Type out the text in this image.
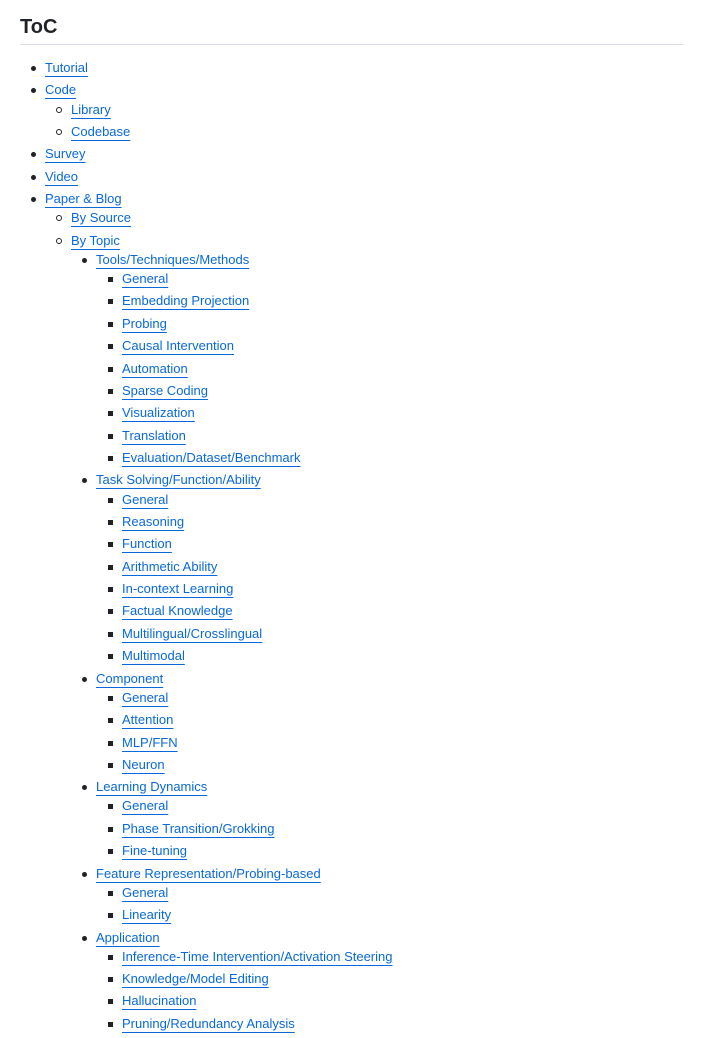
ToC
Tutorial
Code
Library
Codebase
Survey
Video
Paper & Blog
By Source
By Topic
Tools/Techniques/Methods
General
Embedding Projection
Probing
Causal Intervention
Automation
Sparse Coding
Visualization
Translation
Evaluation/Dataset/Benchmark
Task Solving/Function/Ability
General
Reasoning
Function
Arithmetic Ability
In-context Learning
Factual Knowledge
Multilingual/Crosslingual
Multimodal
Component
General
Attention
MLP/FFN
Neuron
Learning Dynamics
General
Phase Transition/Grokking
Fine-tuning
Feature Representation/Probing-based
General
Linearity
Application
Inference-Time Intervention/Activation Steering
Knowledge/Model Editing
Hallucination
Pruning/Redundancy Analysis
